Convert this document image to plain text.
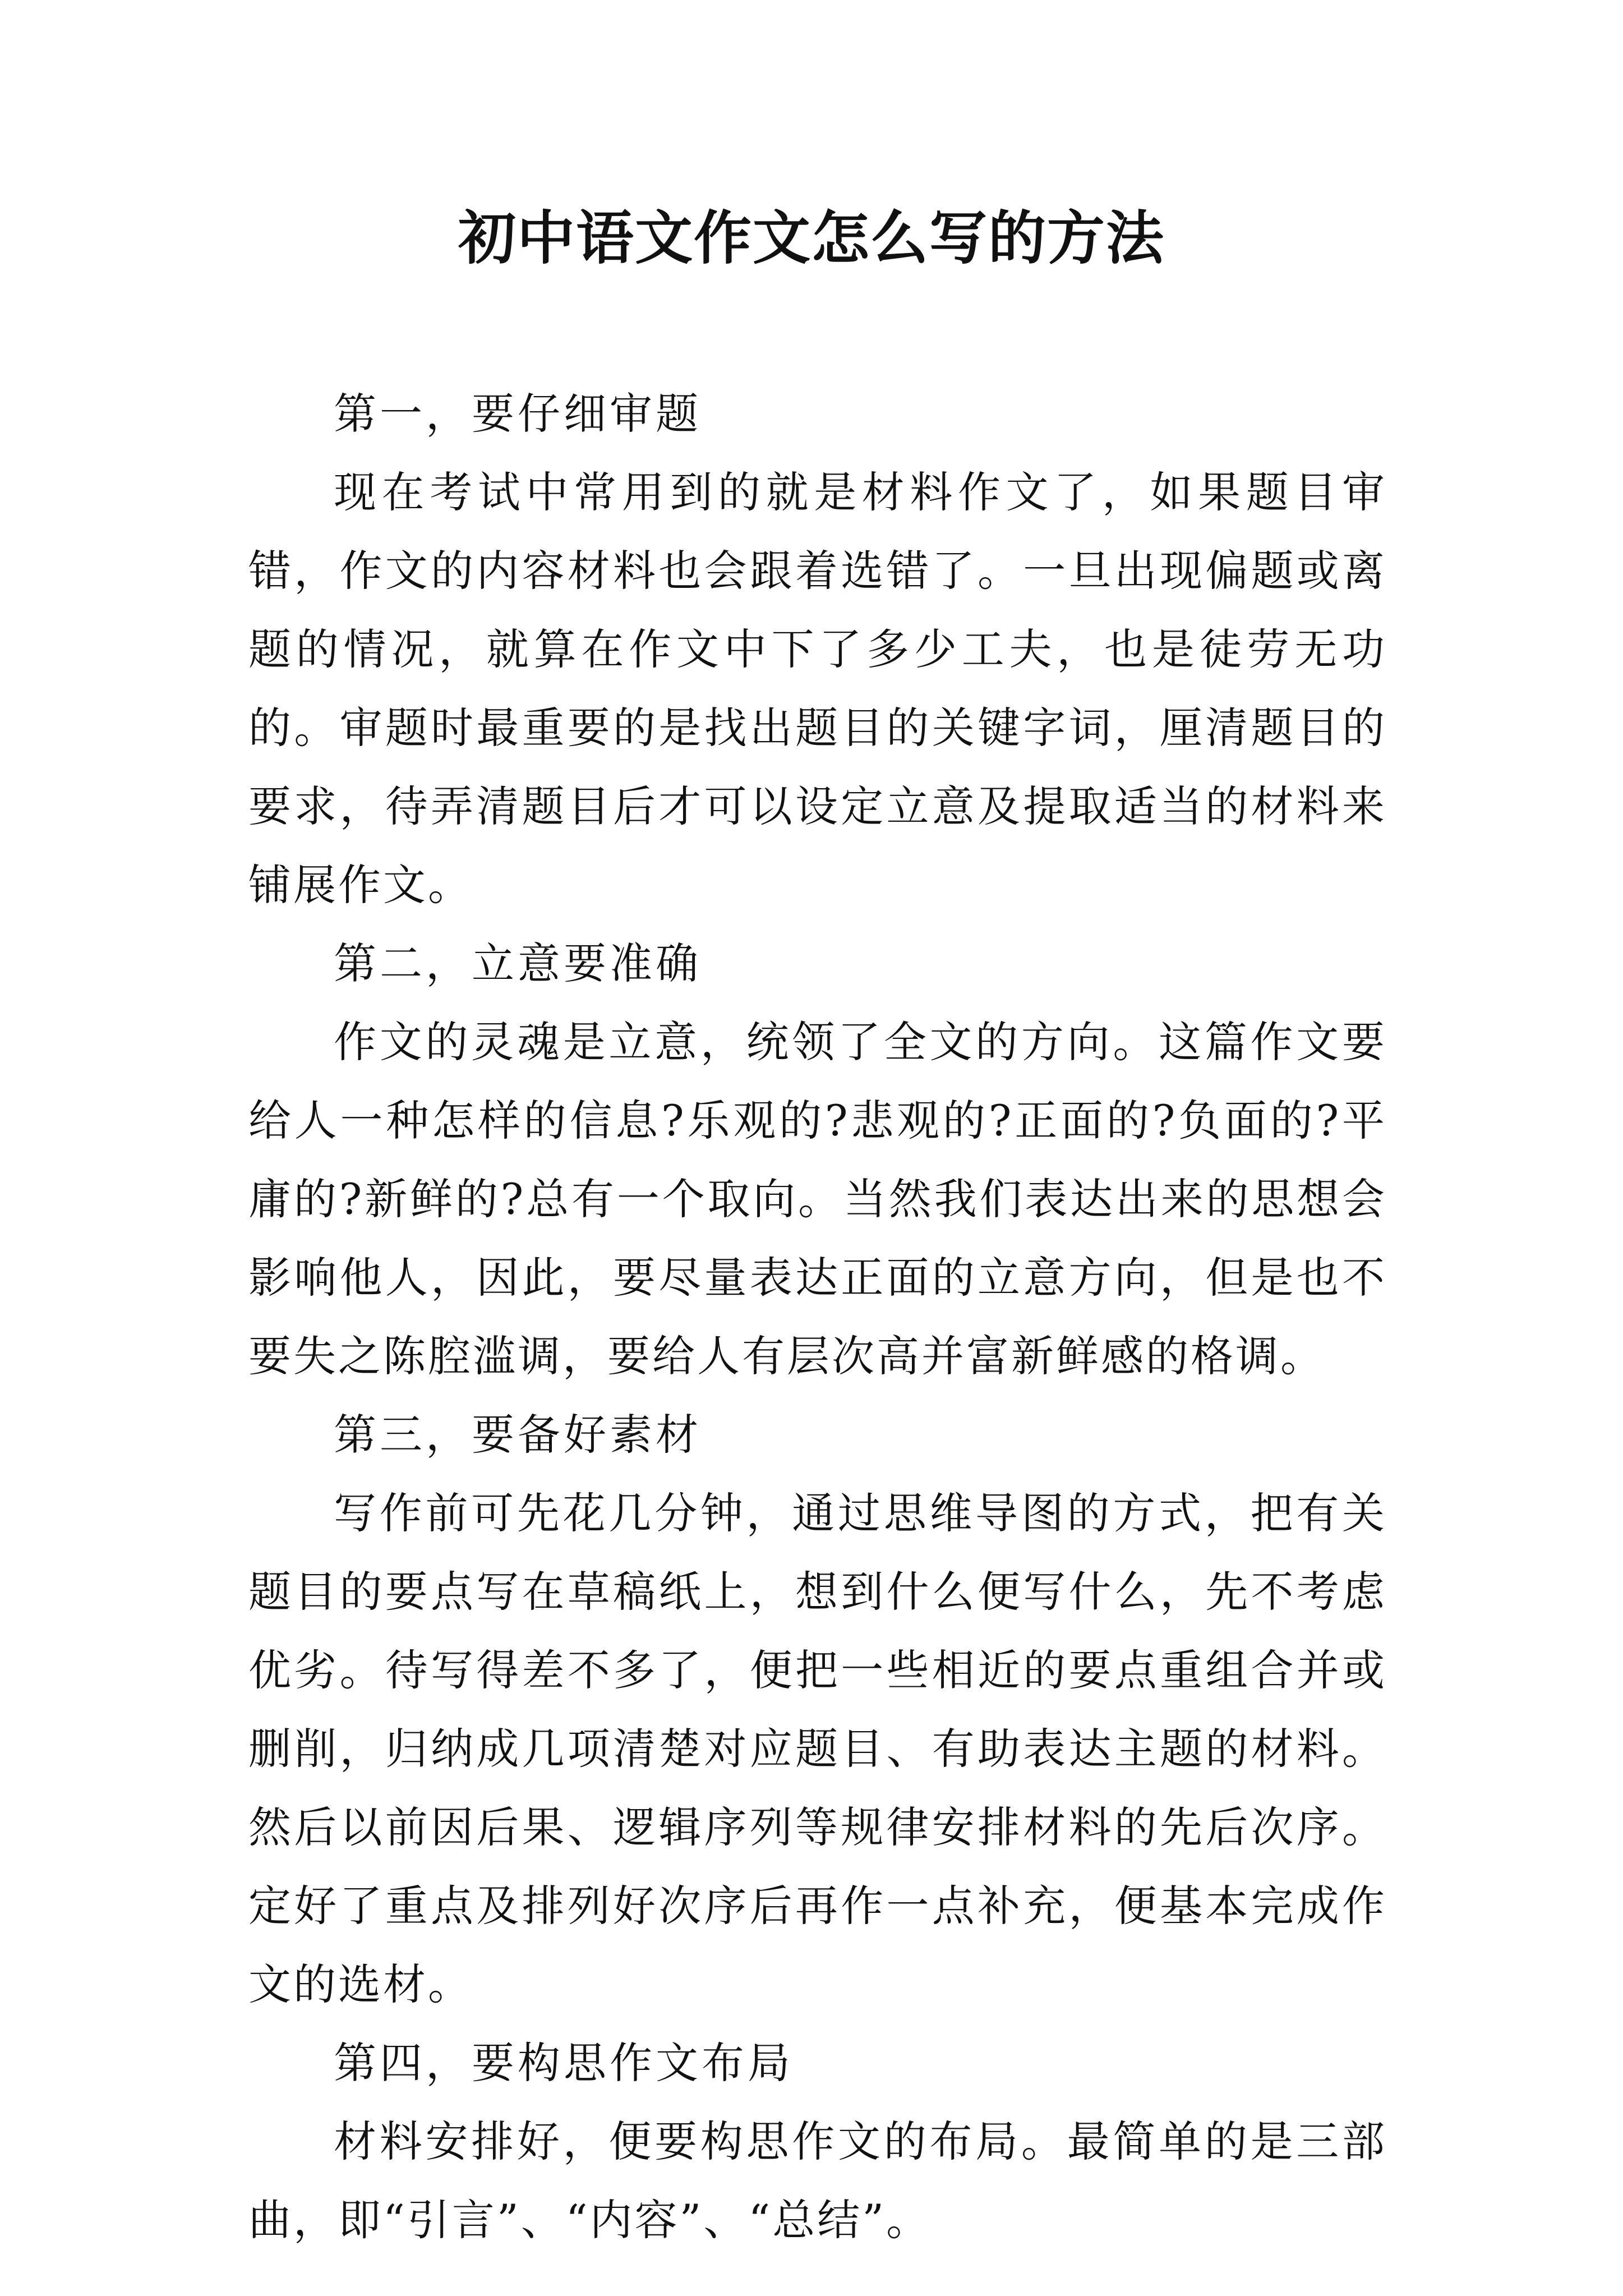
初中语文作文怎么写的方法
第一，要仔细审题

现在考试中常用到的就是材料作文了，如果题目审错，作文的内容材料也会跟着选错了。一旦出现偏题或离题的情况，就算在作文中下了多少工夫，也是徒劳无功的。审题时最重要的是找出题目的关键字词，厘清题目的要求，待弄清题目后才可以设定立意及提取适当的材料来铺展作文。

第二，立意要准确

作文的灵魂是立意，统领了全文的方向。这篇作文要给人一种怎样的信息?乐观的?悲观的?正面的?负面的?平庸的?新鲜的?总有一个取向。当然我们表达出来的思想会影响他人，因此，要尽量表达正面的立意方向，但是也不要失之陈腔滥调，要给人有层次高并富新鲜感的格调。

第三，要备好素材

写作前可先花几分钟，通过思维导图的方式，把有关题目的要点写在草稿纸上，想到什么便写什么，先不考虑优劣。待写得差不多了，便把一些相近的要点重组合并或删削，归纳成几项清楚对应题目、有助表达主题的材料。然后以前因后果、逻辑序列等规律安排材料的先后次序。定好了重点及排列好次序后再作一点补充，便基本完成作文的选材。

第四，要构思作文布局

材料安排好，便要构思作文的布局。最简单的是三部曲，即“引言”、“内容”、“总结”。
